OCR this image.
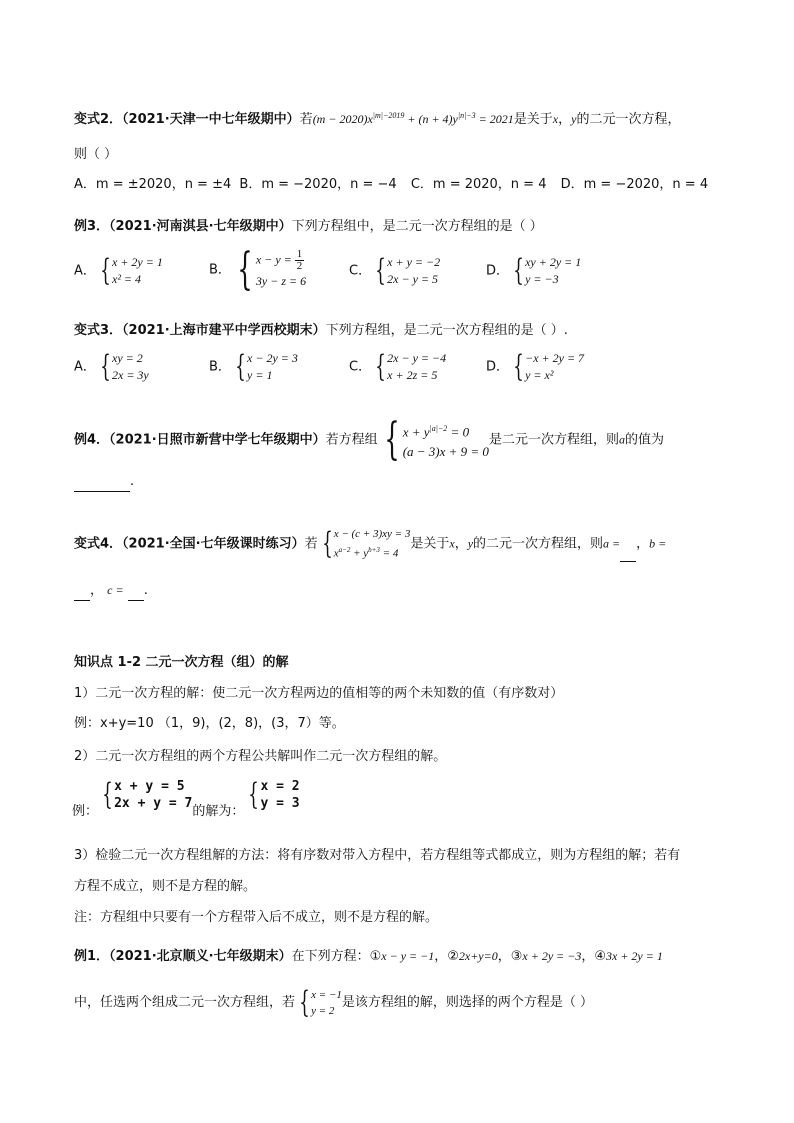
变式2．（2021·天津一中七年级期中）若$(m - 2020)x^{|m|-2019} + (n + 4)y^{|n|-3} = 2021$是关于x，y的二元一次方程，
则（ ）
A．m = ±2020，n = ±4 B．m = −2020，n = −4 C．m = 2020，n = 4 D．m = −2020，n = 4
例3．（2021·河南淇县·七年级期中）下列方程组中，是二元一次方程组的是（ ）
A． { x + 2y = 1
x² = 4
B． { $x - y = \frac{1}{2}$
3y − z = 6
C． { x + y = −2
2x − y = 5
D． { xy + 2y = 1
y = −3
变式3．（2021·上海市建平中学西校期末）下列方程组，是二元一次方程组的是（ ）.
A． { xy = 2
2x = 3y
B． { x − 2y = 3
y = 1
C． { 2x − y = −4
x + 2z = 5
D． { −x + 2y = 7
y = x²
例4．（2021·日照市新营中学七年级期中）若方程组 { $x + y^{|a|-2} = 0$
(a − 3)x + 9 = 0
是二元一次方程组，则a的值为
.
变式4．（2021·全国·七年级课时练习）若 { x − (c + 3)xy = 3
$x^{a-2} + y^{b+3} = 4$
是关于x，y的二元一次方程组，则a = ，b =
， c = .
知识点 1-2 二元一次方程（组）的解
1）二元一次方程的解：使二元一次方程两边的值相等的两个未知数的值（有序数对）
例：x+y=10 （1，9)，(2，8)，(3，7）等。
2）二元一次方程组的两个方程公共解叫作二元一次方程组的解。
例： { x + y = 5
2x + y = 7 的解为： { x = 2
y = 3
3）检验二元一次方程组解的方法：将有序数对带入方程中，若方程组等式都成立，则为方程组的解；若有
方程不成立，则不是方程的解。
注：方程组中只要有一个方程带入后不成立，则不是方程的解。
例1．（2021·北京顺义·七年级期末）在下列方程：①x − y = −1，②2x+y=0，③x + 2y = −3，④3x + 2y = 1
中，任选两个组成二元一次方程组，若 { x = −1
y = 2
是该方程组的解，则选择的两个方程是（ ）
